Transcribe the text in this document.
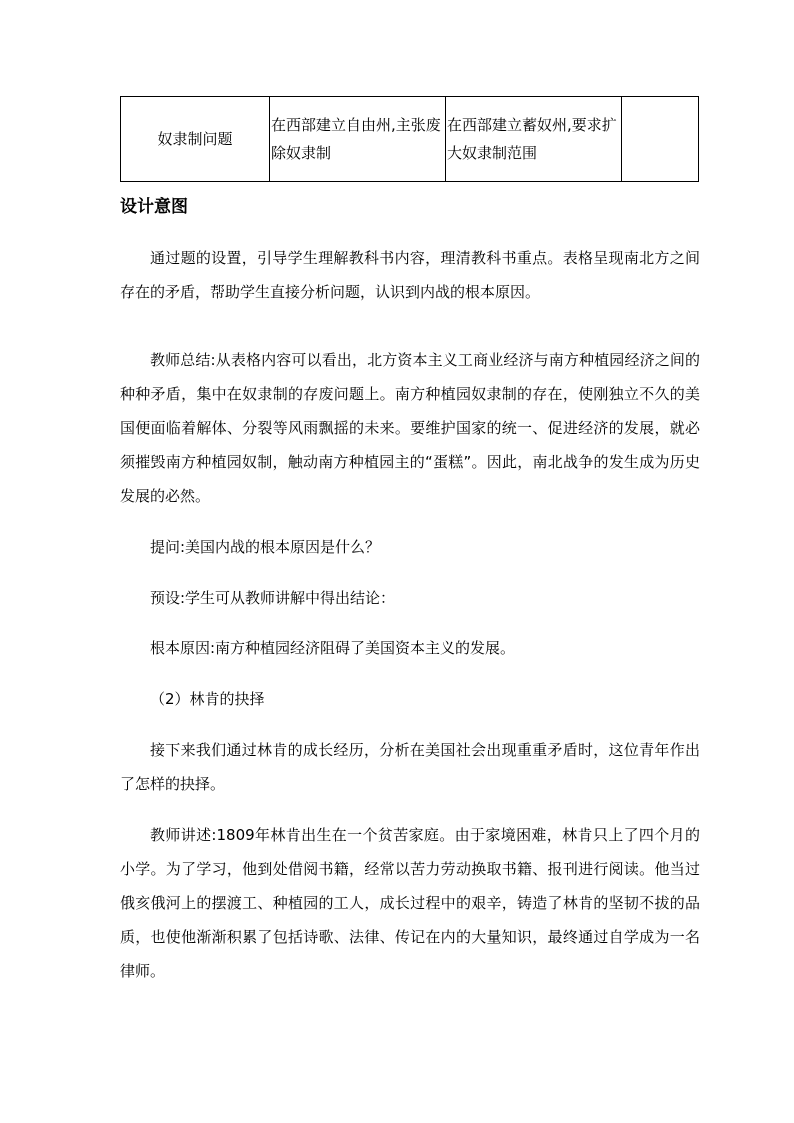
奴隶制问题	在西部建立自由州,主张废除奴隶制	在西部建立蓄奴州,要求扩大奴隶制范围	
设计意图

通过题的设置，引导学生理解教科书内容，理清教科书重点。表格呈现南北方之间存在的矛盾，帮助学生直接分析问题，认识到内战的根本原因。

教师总结:从表格内容可以看出，北方资本主义工商业经济与南方种植园经济之间的种种矛盾，集中在奴隶制的存废问题上。南方种植园奴隶制的存在，使刚独立不久的美国便面临着解体、分裂等风雨飘摇的未来。要维护国家的统一、促进经济的发展，就必须摧毁南方种植园奴制，触动南方种植园主的“蛋糕”。因此，南北战争的发生成为历史发展的必然。

提问:美国内战的根本原因是什么？

预设:学生可从教师讲解中得出结论：

根本原因:南方种植园经济阻碍了美国资本主义的发展。

（2）林肯的抉择

接下来我们通过林肯的成长经历，分析在美国社会出现重重矛盾时，这位青年作出了怎样的抉择。

教师讲述:1809年林肯出生在一个贫苦家庭。由于家境困难，林肯只上了四个月的小学。为了学习，他到处借阅书籍，经常以苦力劳动换取书籍、报刊进行阅读。他当过俄亥俄河上的摆渡工、种植园的工人，成长过程中的艰辛，铸造了林肯的坚韧不拔的品质，也使他渐渐积累了包括诗歌、法律、传记在内的大量知识，最终通过自学成为一名律师。
